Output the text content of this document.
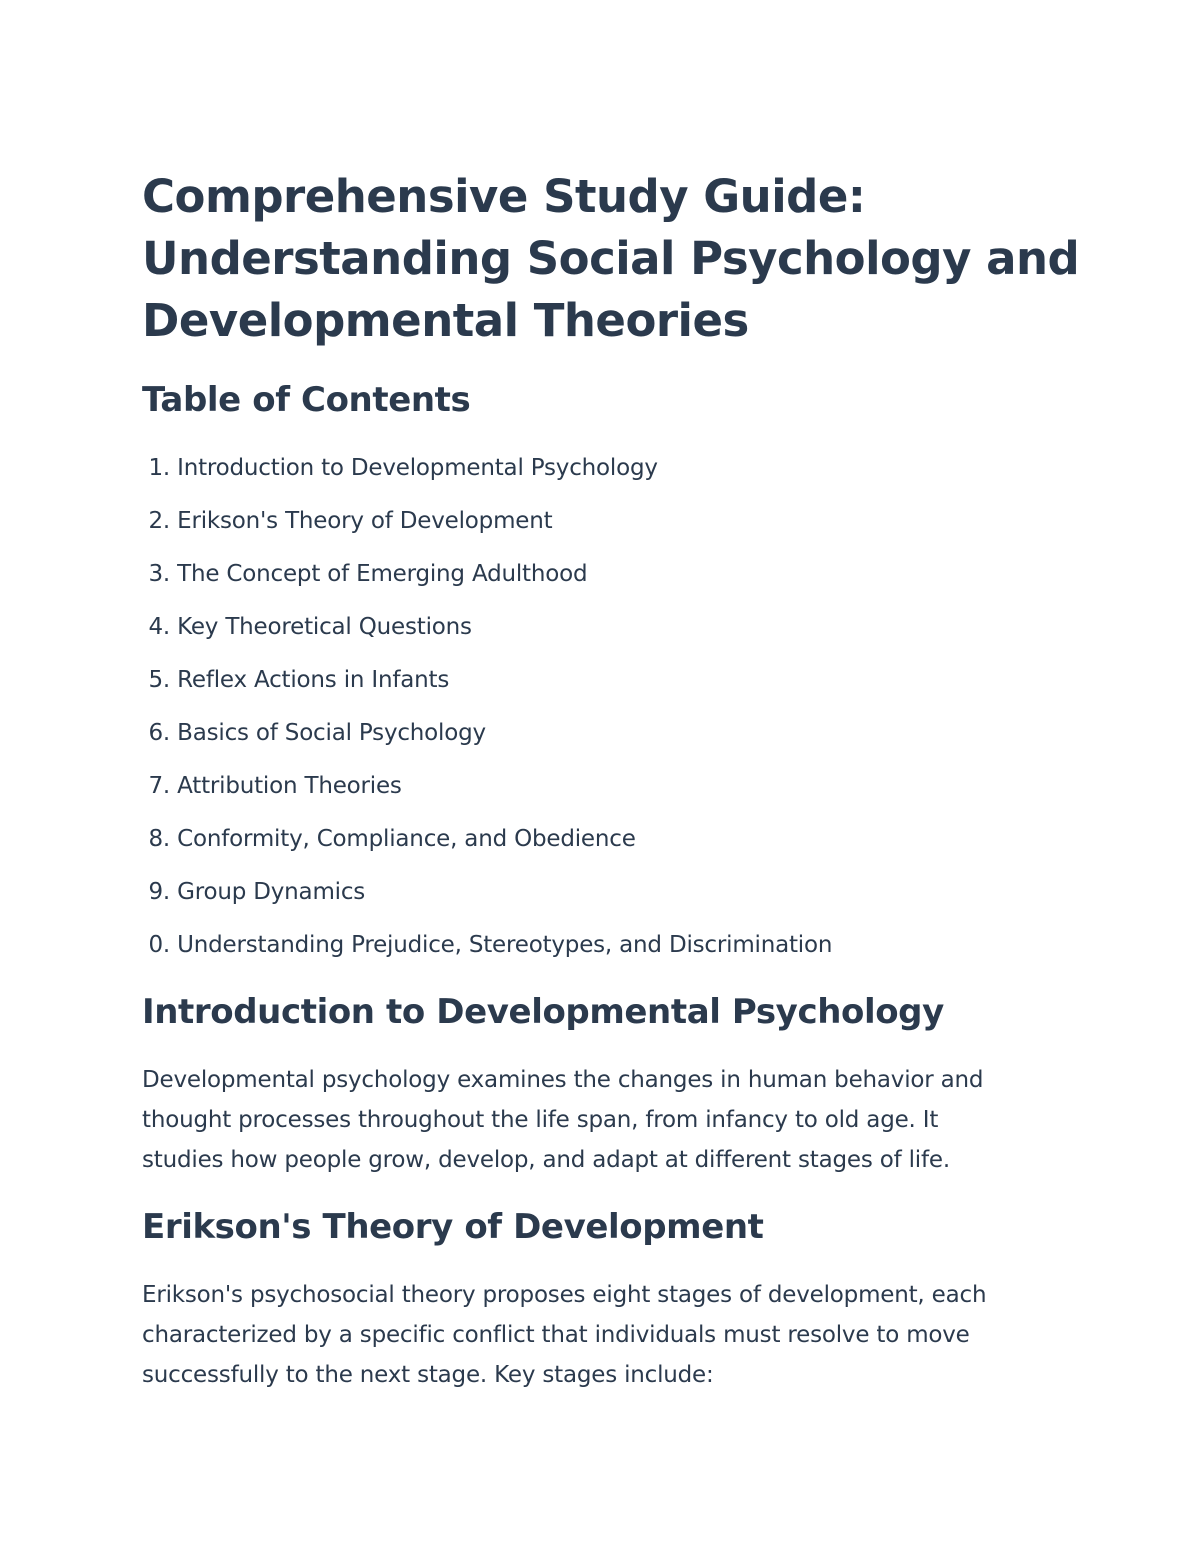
Comprehensive Study Guide:
Understanding Social Psychology and
Developmental Theories
Table of Contents
1. Introduction to Developmental Psychology
2. Erikson's Theory of Development
3. The Concept of Emerging Adulthood
4. Key Theoretical Questions
5. Reflex Actions in Infants
6. Basics of Social Psychology
7. Attribution Theories
8. Conformity, Compliance, and Obedience
9. Group Dynamics
0. Understanding Prejudice, Stereotypes, and Discrimination
Introduction to Developmental Psychology

Developmental psychology examines the changes in human behavior and
thought processes throughout the life span, from infancy to old age. It
studies how people grow, develop, and adapt at different stages of life.

Erikson's Theory of Development

Erikson's psychosocial theory proposes eight stages of development, each
characterized by a specific conflict that individuals must resolve to move
successfully to the next stage. Key stages include:
